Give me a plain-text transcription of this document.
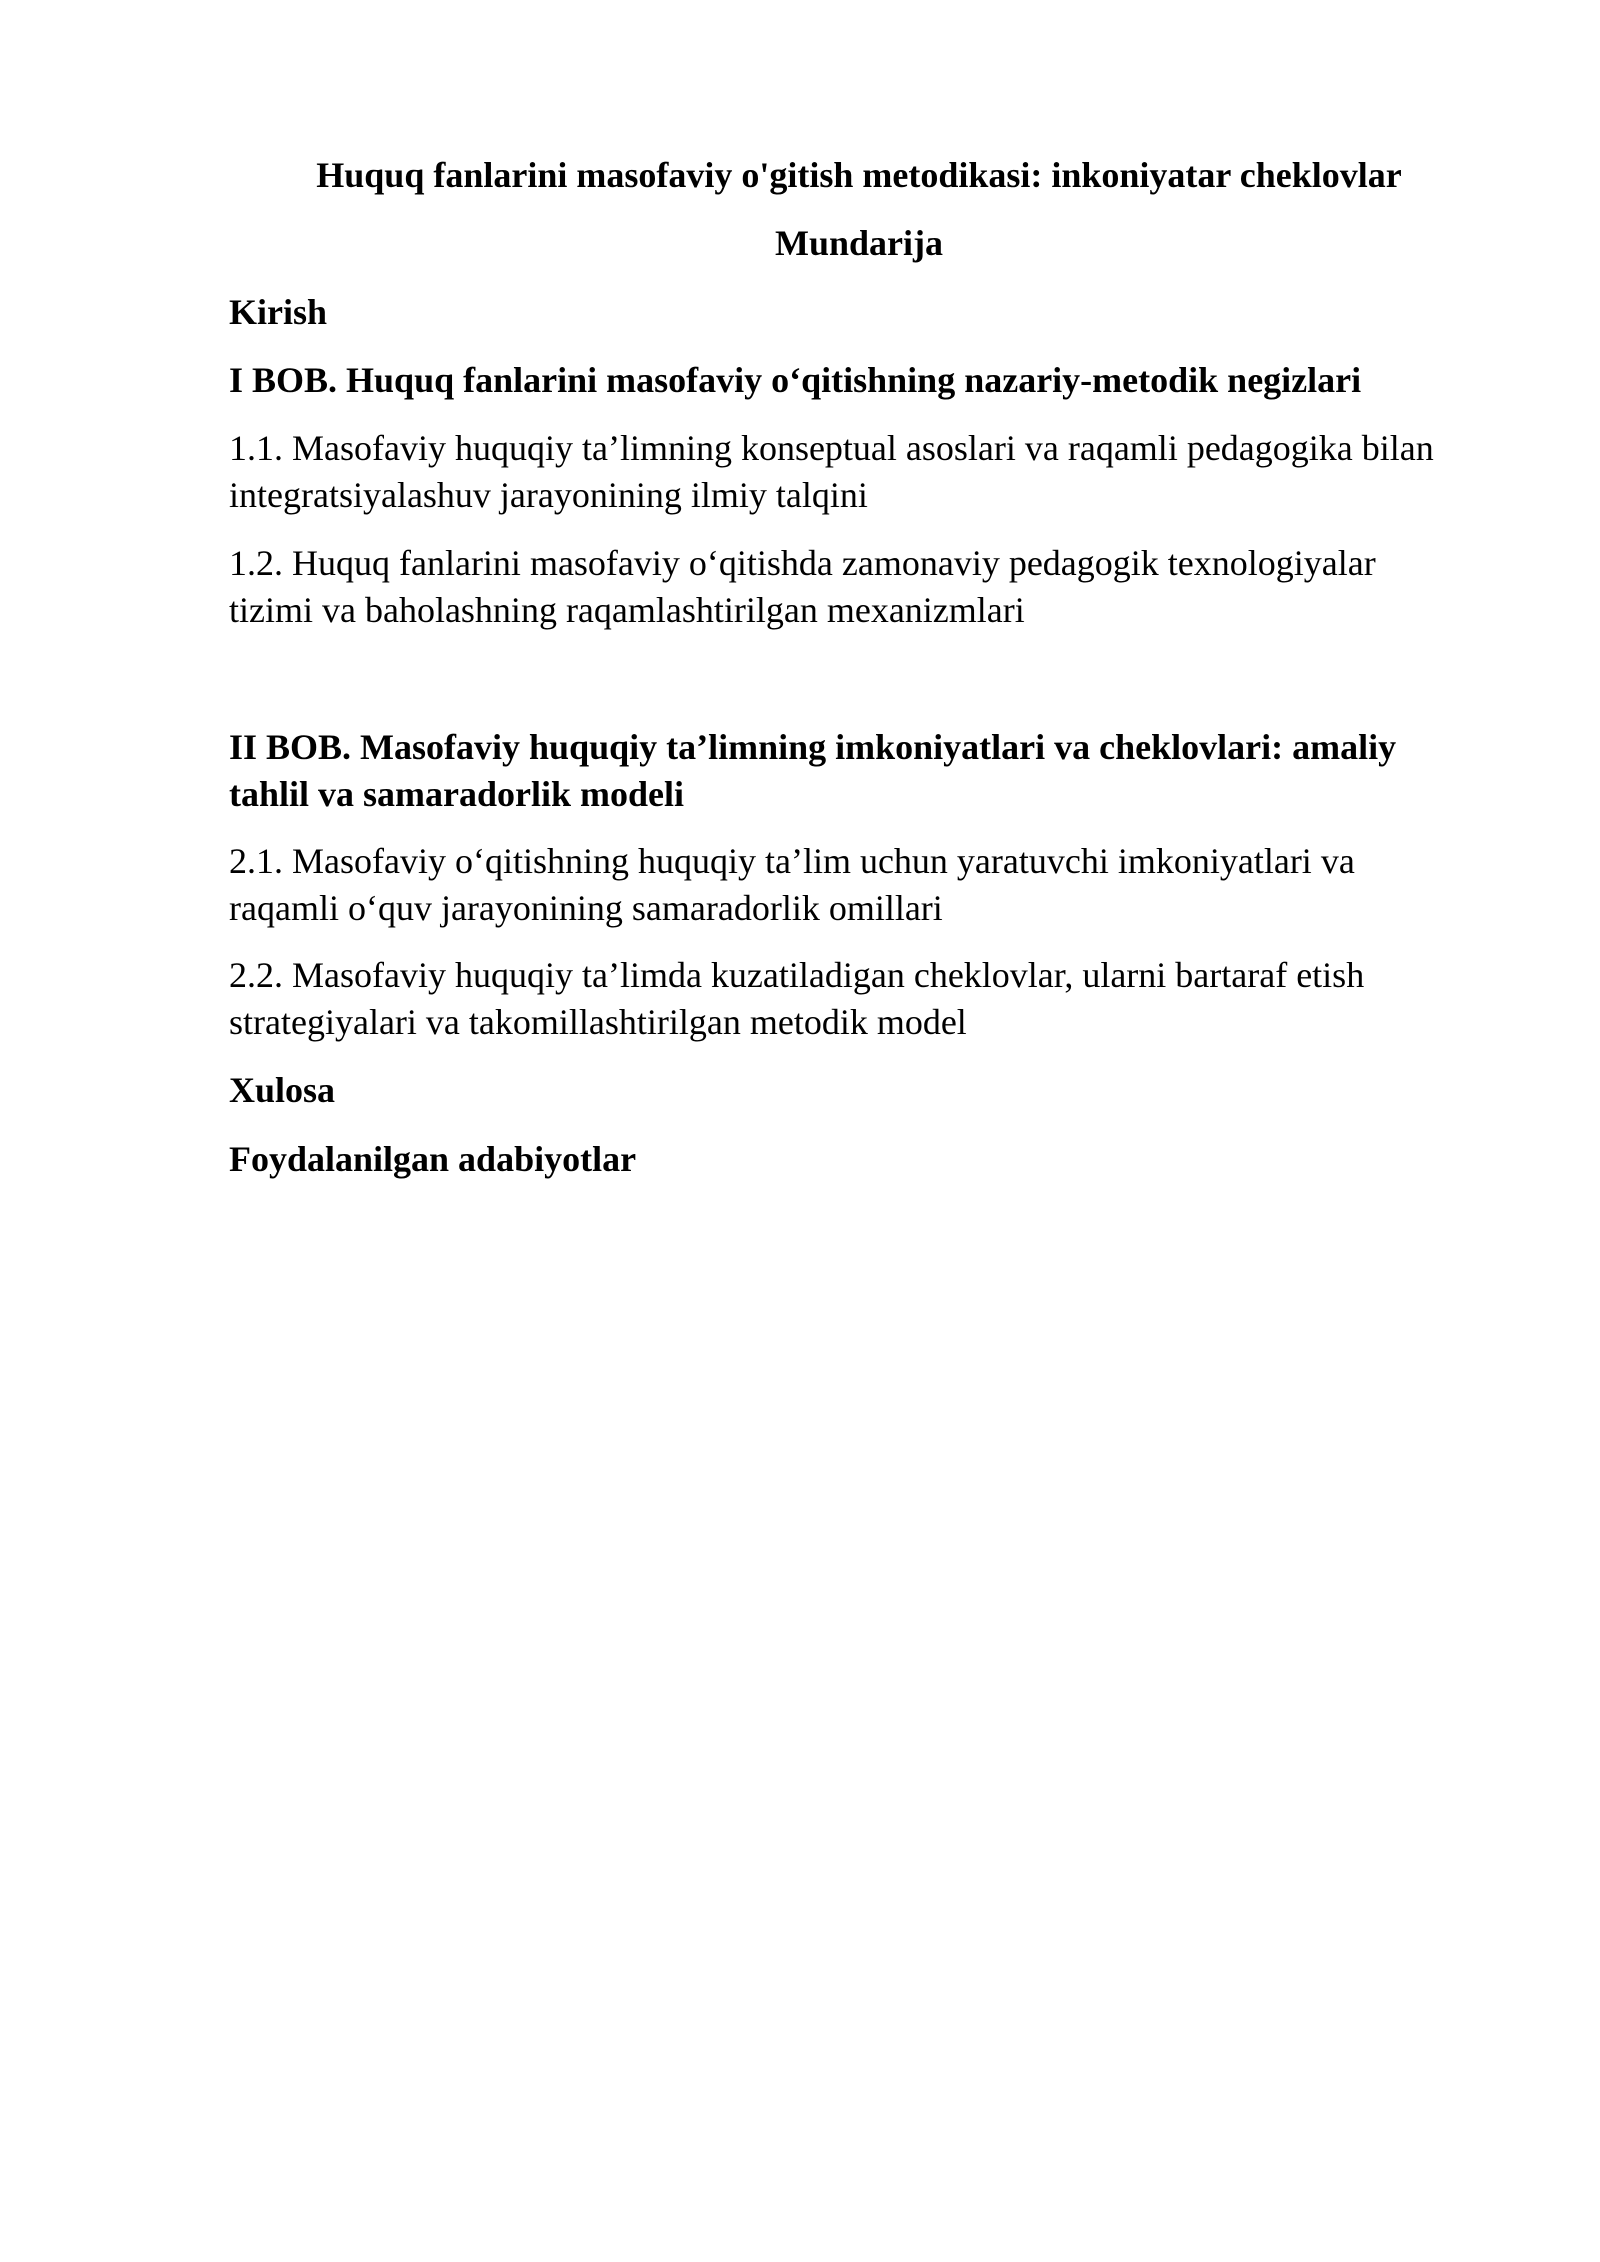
Huquq fanlarini masofaviy o'gitish metodikasi: inkoniyatar cheklovlar
Mundarija
Kirish
I BOB. Huquq fanlarini masofaviy o‘qitishning nazariy-metodik negizlari
1.1. Masofaviy huquqiy ta’limning konseptual asoslari va raqamli pedagogika bilan integratsiyalashuv jarayonining ilmiy talqini
1.2. Huquq fanlarini masofaviy o‘qitishda zamonaviy pedagogik texnologiyalar tizimi va baholashning raqamlashtirilgan mexanizmlari
II BOB. Masofaviy huquqiy ta’limning imkoniyatlari va cheklovlari: amaliy tahlil va samaradorlik modeli
2.1. Masofaviy o‘qitishning huquqiy ta’lim uchun yaratuvchi imkoniyatlari va raqamli o‘quv jarayonining samaradorlik omillari
2.2. Masofaviy huquqiy ta’limda kuzatiladigan cheklovlar, ularni bartaraf etish strategiyalari va takomillashtirilgan metodik model
Xulosa
Foydalanilgan adabiyotlar
